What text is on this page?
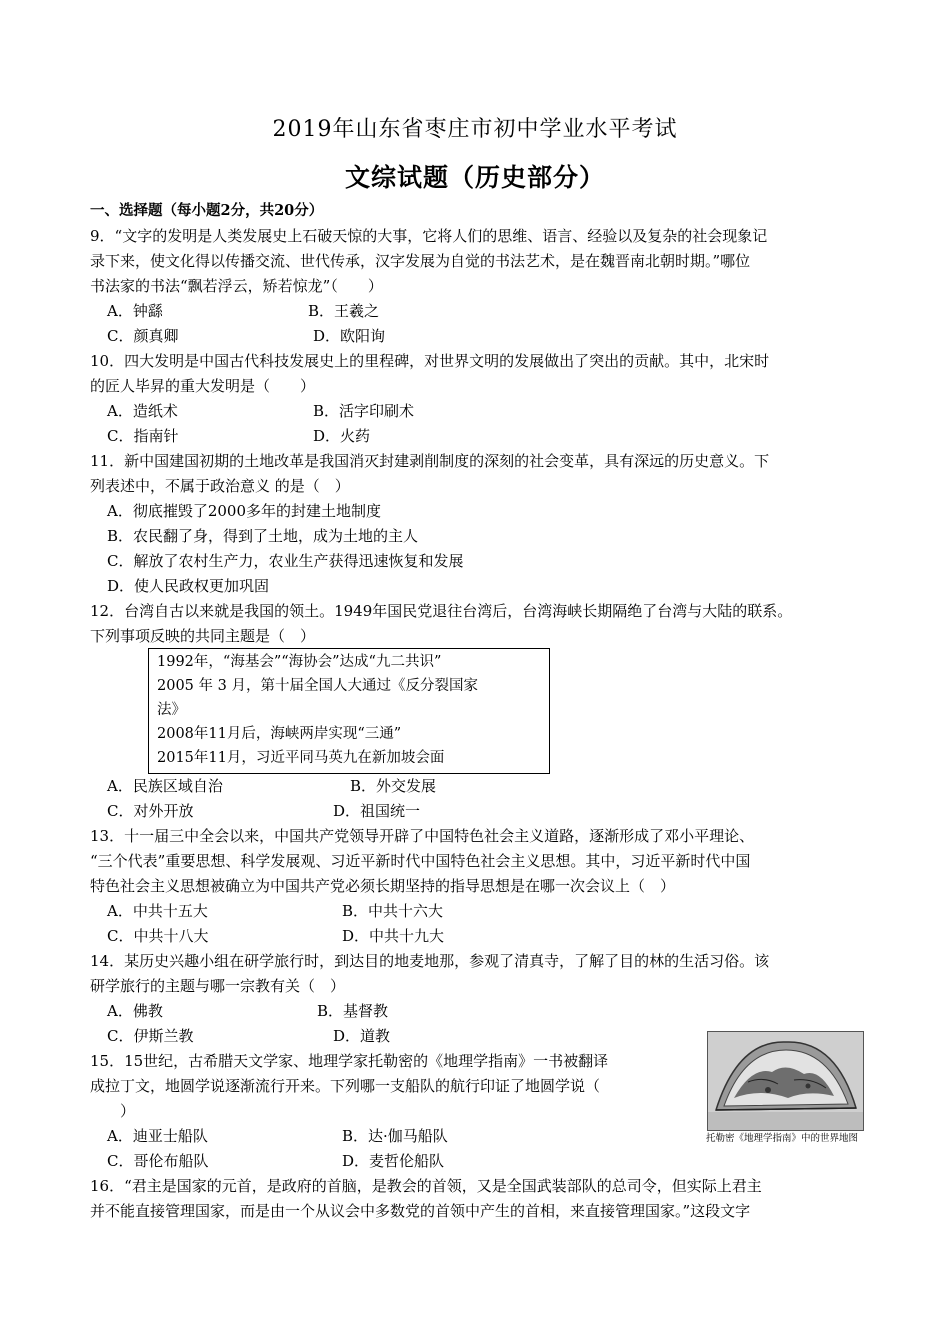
2019年山东省枣庄市初中学业水平考试
文综试题（历史部分）
一、选择题（每小题2分，共20分）
9．“文字的发明是人类发展史上石破天惊的大事，它将人们的思维、语言、经验以及复杂的社会现象记
录下来，使文化得以传播交流、世代传承，汉字发展为自觉的书法艺术，是在魏晋南北朝时期。”哪位
书法家的书法“飘若浮云，矫若惊龙”（　　）
A．钟繇	B．王羲之
C．颜真卿	D．欧阳询
10．四大发明是中国古代科技发展史上的里程碑，对世界文明的发展做出了突出的贡献。其中，北宋时
的匠人毕昇的重大发明是（　　）
A．造纸术	B．活字印刷术
C．指南针	D．火药
11．新中国建国初期的土地改革是我国消灭封建剥削制度的深刻的社会变革，具有深远的历史意义。下
列表述中，不属于政治意义 的是（　）
A．彻底摧毁了2000多年的封建土地制度
B．农民翻了身，得到了土地，成为土地的主人
C．解放了农村生产力，农业生产获得迅速恢复和发展
D．使人民政权更加巩固
12．台湾自古以来就是我国的领土。1949年国民党退往台湾后，台湾海峡长期隔绝了台湾与大陆的联系。
下列事项反映的共同主题是（　）
1992年，“海基会”“海协会”达成“九二共识”
2005 年 3 月，第十届全国人大通过《反分裂国家
法》
2008年11月后，海峡两岸实现“三通”
2015年11月，习近平同马英九在新加坡会面
A．民族区域自治	B．外交发展
C．对外开放	D．祖国统一
13．十一届三中全会以来，中国共产党领导开辟了中国特色社会主义道路，逐渐形成了邓小平理论、
“三个代表”重要思想、科学发展观、习近平新时代中国特色社会主义思想。其中，习近平新时代中国
特色社会主义思想被确立为中国共产党必须长期坚持的指导思想是在哪一次会议上（　）
A．中共十五大	B．中共十六大
C．中共十八大	D．中共十九大
14．某历史兴趣小组在研学旅行时，到达目的地麦地那，参观了清真寺，了解了目的林的生活习俗。该
研学旅行的主题与哪一宗教有关（　）
A．佛教	B．基督教
C．伊斯兰教	D．道教
15．15世纪，古希腊天文学家、地理学家托勒密的《地理学指南》一书被翻译
成拉丁文，地圆学说逐渐流行开来。下列哪一支船队的航行印证了地圆学说（
）
A．迪亚士船队	B．达·伽马船队
C．哥伦布船队	D．麦哲伦船队
托勒密《地理学指南》中的世界地图
16．“君主是国家的元首，是政府的首脑，是教会的首领，又是全国武装部队的总司令，但实际上君主
并不能直接管理国家，而是由一个从议会中多数党的首领中产生的首相，来直接管理国家。”这段文字
